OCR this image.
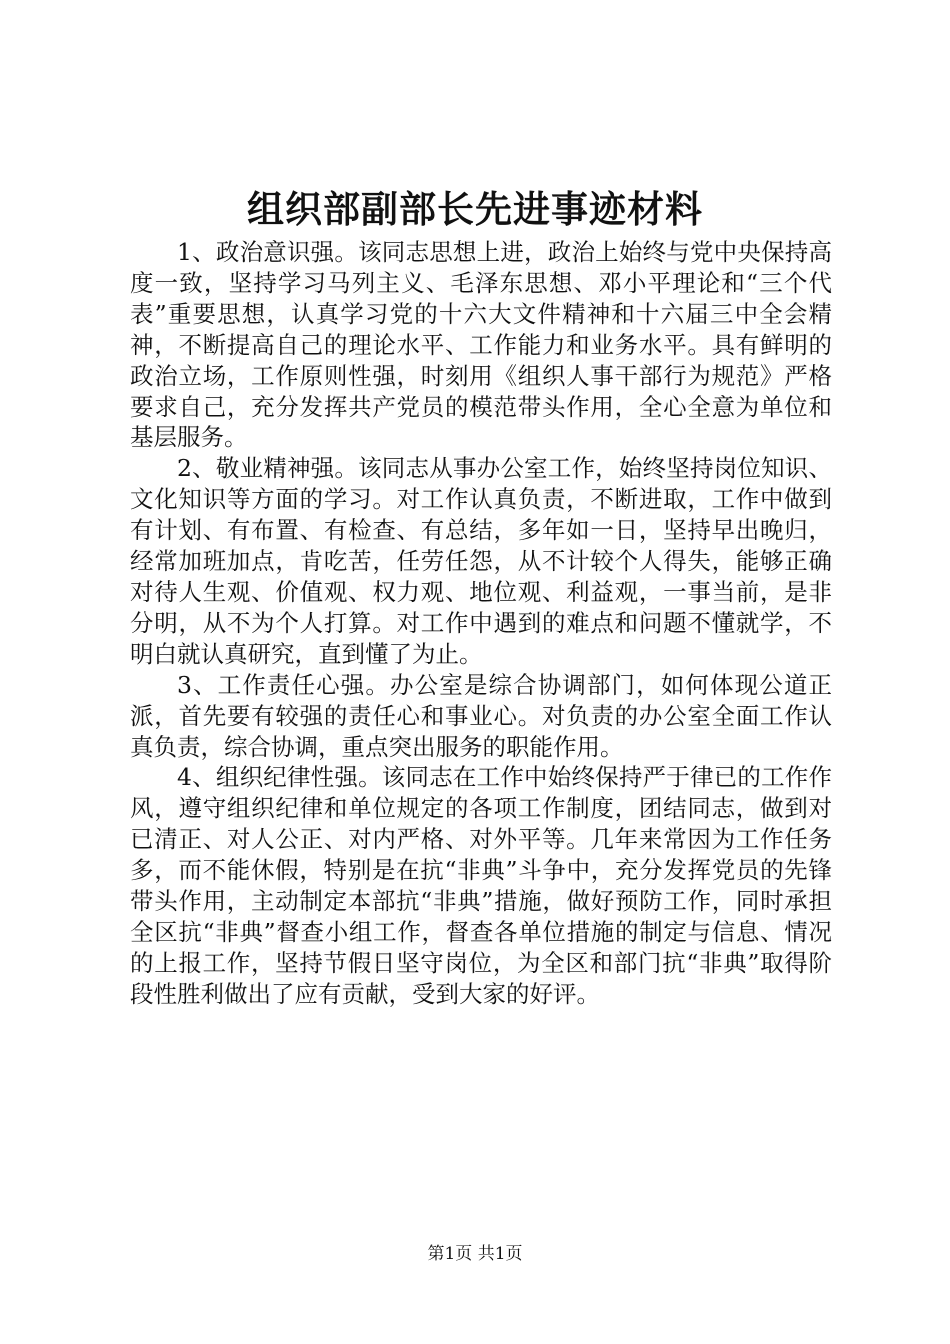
组织部副部长先进事迹材料

1、政治意识强。该同志思想上进，政治上始终与党中央保持高度一致，坚持学习马列主义、毛泽东思想、邓小平理论和“三个代表”重要思想，认真学习党的十六大文件精神和十六届三中全会精神，不断提高自己的理论水平、工作能力和业务水平。具有鲜明的政治立场，工作原则性强，时刻用《组织人事干部行为规范》严格要求自己，充分发挥共产党员的模范带头作用，全心全意为单位和基层服务。

2、敬业精神强。该同志从事办公室工作，始终坚持岗位知识、文化知识等方面的学习。对工作认真负责，不断进取，工作中做到有计划、有布置、有检查、有总结，多年如一日，坚持早出晚归，经常加班加点，肯吃苦，任劳任怨，从不计较个人得失，能够正确对待人生观、价值观、权力观、地位观、利益观，一事当前，是非分明，从不为个人打算。对工作中遇到的难点和问题不懂就学，不明白就认真研究，直到懂了为止。

3、工作责任心强。办公室是综合协调部门，如何体现公道正派，首先要有较强的责任心和事业心。对负责的办公室全面工作认真负责，综合协调，重点突出服务的职能作用。

4、组织纪律性强。该同志在工作中始终保持严于律已的工作作风，遵守组织纪律和单位规定的各项工作制度，团结同志，做到对已清正、对人公正、对内严格、对外平等。几年来常因为工作任务多，而不能休假，特别是在抗“非典”斗争中，充分发挥党员的先锋带头作用，主动制定本部抗“非典”措施，做好预防工作，同时承担全区抗“非典”督查小组工作，督查各单位措施的制定与信息、情况的上报工作，坚持节假日坚守岗位，为全区和部门抗“非典”取得阶段性胜利做出了应有贡献，受到大家的好评。

第1页 共1页
